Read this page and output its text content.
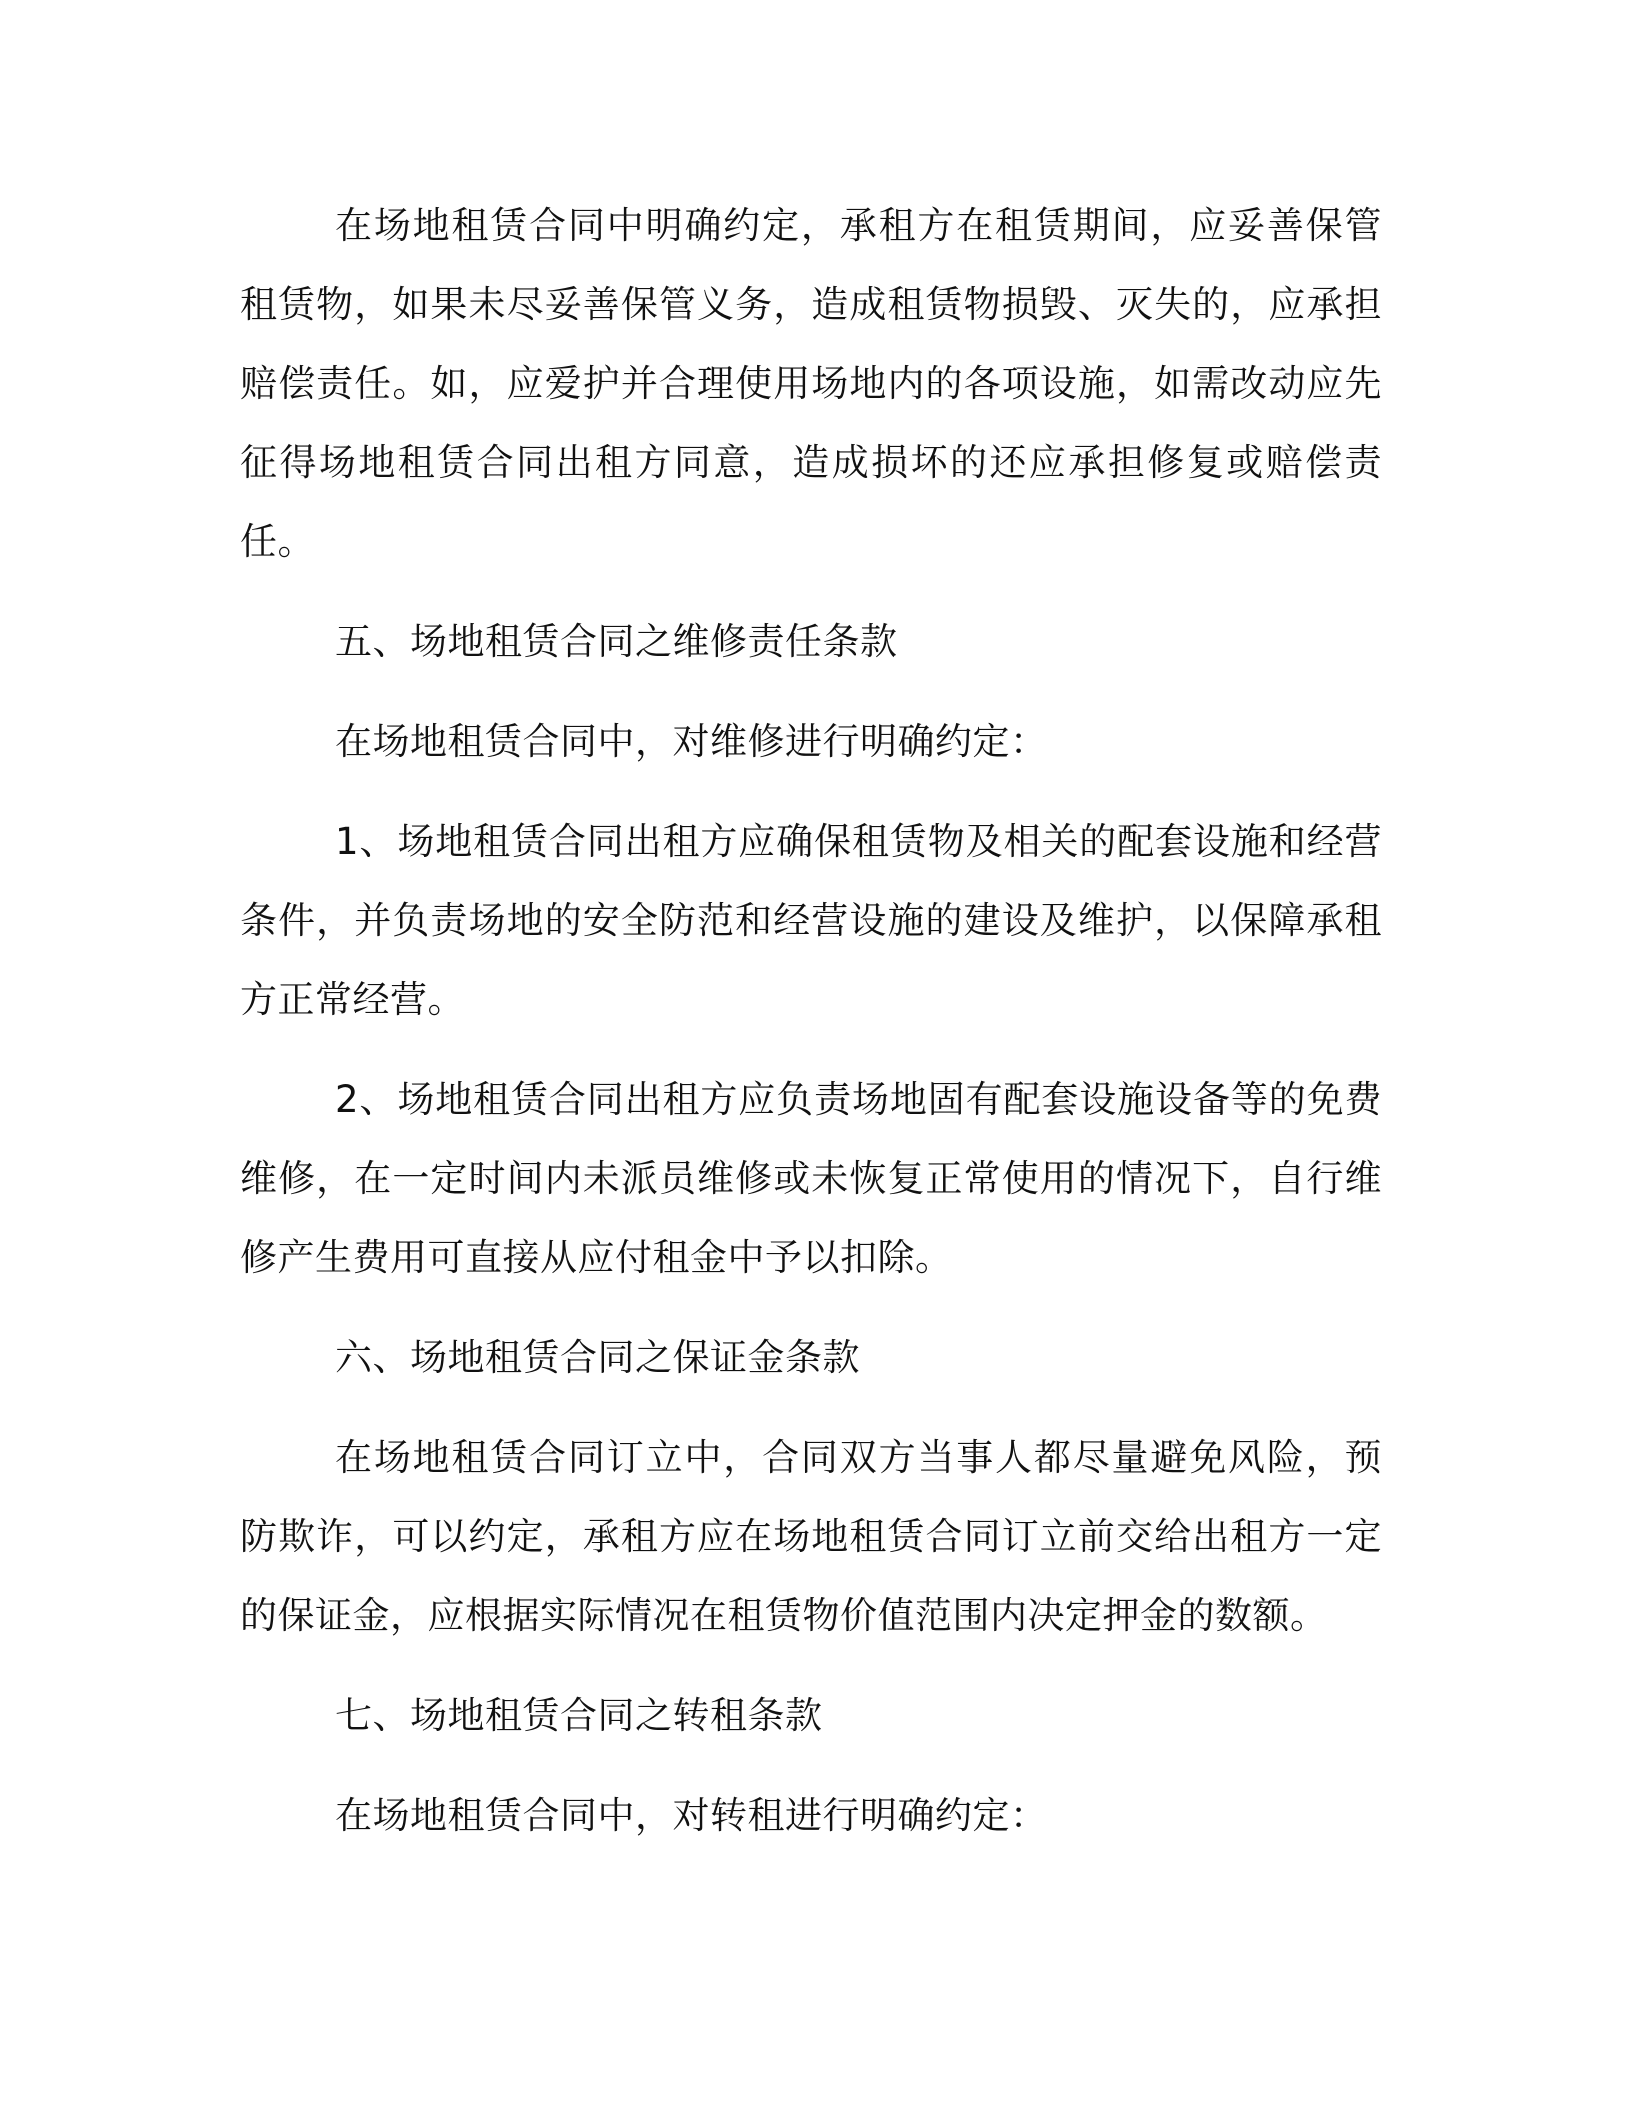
在场地租赁合同中明确约定，承租方在租赁期间，应妥善保管租赁物，如果未尽妥善保管义务，造成租赁物损毁、灭失的，应承担赔偿责任。如，应爱护并合理使用场地内的各项设施，如需改动应先征得场地租赁合同出租方同意，造成损坏的还应承担修复或赔偿责任。

五、场地租赁合同之维修责任条款

在场地租赁合同中，对维修进行明确约定：

1、场地租赁合同出租方应确保租赁物及相关的配套设施和经营条件，并负责场地的安全防范和经营设施的建设及维护，以保障承租方正常经营。

2、场地租赁合同出租方应负责场地固有配套设施设备等的免费维修，在一定时间内未派员维修或未恢复正常使用的情况下，自行维修产生费用可直接从应付租金中予以扣除。

六、场地租赁合同之保证金条款

在场地租赁合同订立中，合同双方当事人都尽量避免风险，预防欺诈，可以约定，承租方应在场地租赁合同订立前交给出租方一定的保证金，应根据实际情况在租赁物价值范围内决定押金的数额。

七、场地租赁合同之转租条款

在场地租赁合同中，对转租进行明确约定：
